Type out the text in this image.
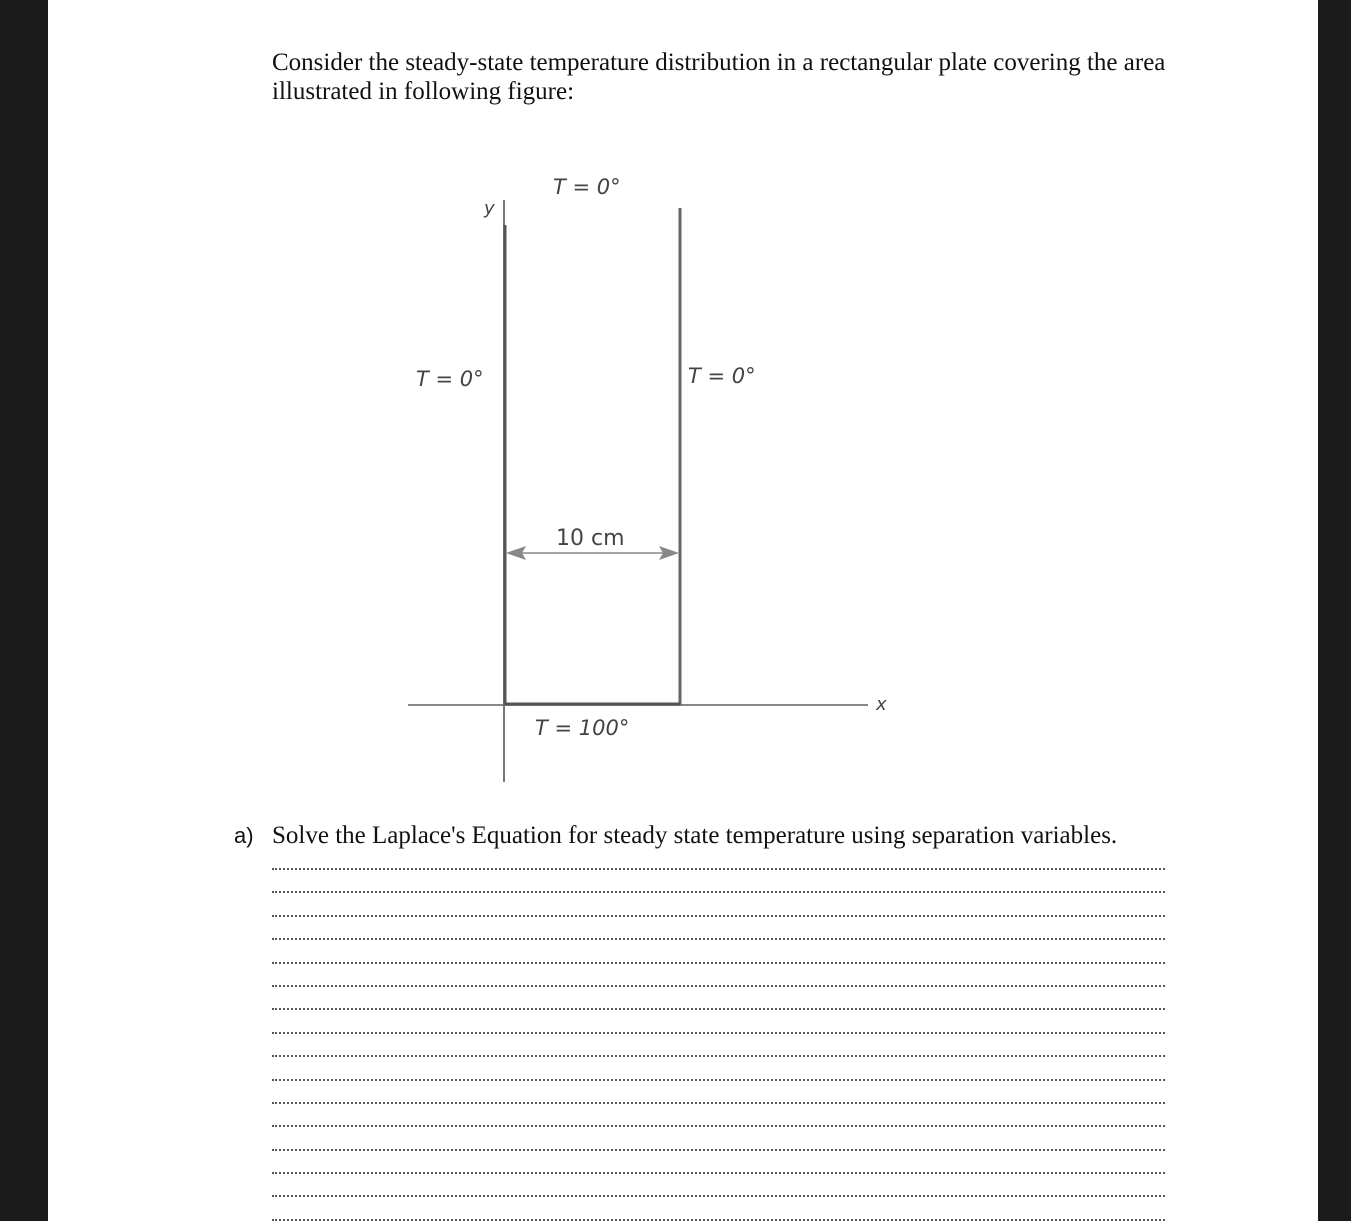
Consider the steady-state temperature distribution in a rectangular plate covering the area illustrated in following figure:

10 cm
T = 0°
T = 0°	T = 0°
T = 100°
y
x
a) Solve the Laplace's Equation for steady state temperature using separation variables.
